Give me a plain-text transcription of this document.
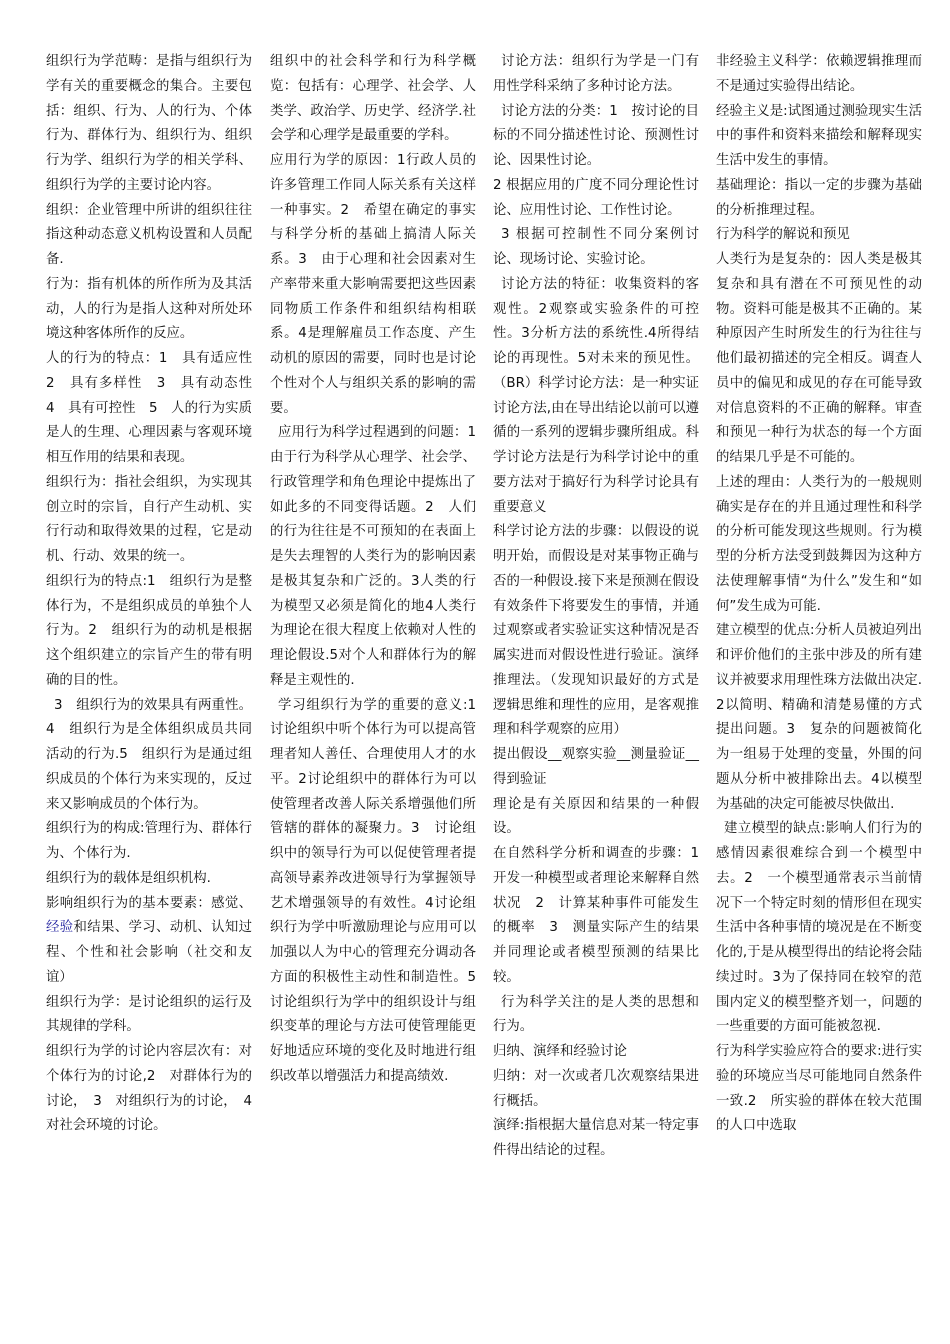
组织行为学范畴：是指与组织行为学有关的重要概念的集合。主要包括：组织、行为、人的行为、个体行为、群体行为、组织行为、组织行为学、组织行为学的相关学科、组织行为学的主要讨论内容。

组织：企业管理中所讲的组织往往指这种动态意义机构设置和人员配备.

行为：指有机体的所作所为及其活动，人的行为是指人这种对所处环境这种客体所作的反应。

人的行为的特点：1　具有适应性　2　具有多样性　3　具有动态性　4　具有可控性　5　人的行为实质是人的生理、心理因素与客观环境相互作用的结果和表现。

组织行为：指社会组织，为实现其创立时的宗旨，自行产生动机、实行行动和取得效果的过程，它是动机、行动、效果的统一。

组织行为的特点:1　组织行为是整体行为，不是组织成员的单独个人行为。2　组织行为的动机是根据这个组织建立的宗旨产生的带有明确的目的性。

3　组织行为的效果具有两重性。4　组织行为是全体组织成员共同活动的行为.5　组织行为是通过组织成员的个体行为来实现的，反过来又影响成员的个体行为。

组织行为的构成:管理行为、群体行为、个体行为.

组织行为的载体是组织机构.

影响组织行为的基本要素：感觉、经验和结果、学习、动机、认知过程、个性和社会影响（社交和友谊）

组织行为学：是讨论组织的运行及其规律的学科。

组织行为学的讨论内容层次有：对个体行为的讨论,2　对群体行为的讨论，　3　对组织行为的讨论，　4　对社会环境的讨论。

组织中的社会科学和行为科学概览：包括有：心理学、社会学、人类学、政治学、历史学、经济学.社会学和心理学是最重要的学科。

应用行为学的原因：1行政人员的许多管理工作同人际关系有关这样一种事实。2　希望在确定的事实与科学分析的基础上搞清人际关系。3　由于心理和社会因素对生产率带来重大影响需要把这些因素同物质工作条件和组织结构相联系。4是理解雇员工作态度、产生动机的原因的需要，同时也是讨论个性对个人与组织关系的影响的需要。

应用行为科学过程遇到的问题：1由于行为科学从心理学、社会学、行政管理学和角色理论中提炼出了如此多的不同变得话题。2　人们的行为往往是不可预知的在表面上是失去理智的人类行为的影响因素是极其复杂和广泛的。3人类的行为模型又必须是简化的地4人类行为理论在很大程度上依赖对人性的理论假设.5对个人和群体行为的解释是主观性的.

学习组织行为学的重要的意义:1讨论组织中听个体行为可以提高管理者知人善任、合理使用人才的水平。2讨论组织中的群体行为可以使管理者改善人际关系增强他们所管辖的群体的凝聚力。3　讨论组织中的领导行为可以促使管理者提高领导素养改进领导行为掌握领导艺术增强领导的有效性。4讨论组织行为学中听激励理论与应用可以加强以人为中心的管理充分调动各方面的积极性主动性和制造性。5讨论组织行为学中的组织设计与组织变革的理论与方法可使管理能更好地适应环境的变化及时地进行组织改革以增强活力和提高绩效.

讨论方法：组织行为学是一门有用性学科采纳了多种讨论方法。

讨论方法的分类：1　按讨论的目标的不同分描述性讨论、预测性讨论、因果性讨论。

2 根据应用的广度不同分理论性讨论、应用性讨论、工作性讨论。

3 根据可控制性不同分案例讨论、现场讨论、实验讨论。

讨论方法的特征：收集资料的客观性。2观察或实验条件的可控性。3分析方法的系统性.4所得结论的再现性。5对未来的预见性。（BR）科学讨论方法：是一种实证讨论方法,由在导出结论以前可以遵循的一系列的逻辑步骤所组成。科学讨论方法是行为科学讨论中的重要方法对于搞好行为科学讨论具有重要意义

科学讨论方法的步骤：以假设的说明开始，而假设是对某事物正确与否的一种假设.接下来是预测在假设有效条件下将要发生的事情，并通过观察或者实验证实这种情况是否属实进而对假设性进行验证。演绎推理法。（发现知识最好的方式是逻辑思维和理性的应用，是客观推理和科学观察的应用）

提出假设__观察实验__测量验证__得到验证

理论是有关原因和结果的一种假设。

在自然科学分析和调查的步骤：1　开发一种模型或者理论来解释自然状况　2　计算某种事件可能发生的概率　3　测量实际产生的结果并同理论或者模型预测的结果比较。

行为科学关注的是人类的思想和行为。

归纳、演绎和经验讨论

归纳：对一次或者几次观察结果进行概括。

演绎:指根据大量信息对某一特定事件得出结论的过程。

非经验主义科学：依赖逻辑推理而不是通过实验得出结论。

经验主义是:试图通过测验现实生活中的事件和资料来描绘和解释现实生活中发生的事情。

基础理论：指以一定的步骤为基础的分析推理过程。

行为科学的解说和预见

人类行为是复杂的：因人类是极其复杂和具有潜在不可预见性的动物。资料可能是极其不正确的。某种原因产生时所发生的行为往往与他们最初描述的完全相反。调查人员中的偏见和成见的存在可能导致对信息资料的不正确的解释。审查和预见一种行为状态的每一个方面的结果几乎是不可能的。

上述的理由：人类行为的一般规则确实是存在的并且通过理性和科学的分析可能发现这些规则。行为模型的分析方法受到鼓舞因为这种方法使理解事情“为什么”发生和“如何”发生成为可能.

建立模型的优点:分析人员被迫列出和评价他们的主张中涉及的所有建议并被要求用理性珠方法做出决定.2以简明、精确和清楚易懂的方式提出问题。3　复杂的问题被简化为一组易于处理的变量，外围的问题从分析中被排除出去。4以模型为基础的决定可能被尽快做出.

建立模型的缺点:影响人们行为的感情因素很难综合到一个模型中去。2　一个模型通常表示当前情况下一个特定时刻的情形但在现实生活中各种事情的境况是在不断变化的,于是从模型得出的结论将会陆续过时。3为了保持同在较窄的范围内定义的模型整齐划一，问题的一些重要的方面可能被忽视.

行为科学实验应符合的要求:进行实验的环境应当尽可能地同自然条件一致.2　所实验的群体在较大范围的人口中选取
